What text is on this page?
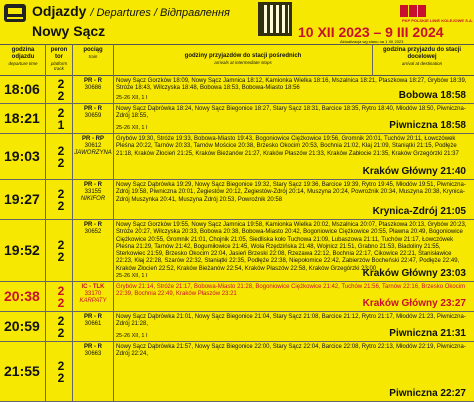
Odjazdy / Departures / Відправлення
Nowy Sącz
PKP POLSKIE LINIE KOLEJOWE S.A.
10 XII 2023 – 9 III 2024
Aktualizacja wg stanu na 1 XII 2023
godzina odjazdu
departure time
peron tor
platform track
pociąg
train	godziny przyjazdów do stacji pośrednich
arrivals at intermediate stops
godzina przyjazdu do stacji docelowej
arrival at destination
18:06	2
2
PR - R
30686
Nowy Sącz Gorzków 18:09, Nowy Sącz Jamnica 18:12, Kamionka Wielka 18:16, Mszalnica 18:21, Ptaszkowa 18:27, Grybów 18:39, Stróże 18:43, Wilczyska 18:48, Bobowa 18:53, Bobowa-Miasto 18:56
Bobowa 18:58
25-26 XII, 1 I
18:21	2
1
PR - R
30659
Nowy Sącz Dąbrówka 18:24, Nowy Sącz Biegonice 18:27, Stary Sącz 18:31, Barcice 18:35, Rytro 18:40, Młodów 18:50, Piwniczna-Zdrój 18:55,
Piwniczna 18:58
25-26 XII, 1 I
19:03	2
2
PR - RP
30612
JAWORZYNA
Grybów 19:30, Stróże 19:33, Bobowa-Miasto 19:43, Bogoniowice Ciężkowice 19:56, Gromnik 20:01, Tuchów 20:11, Łowczówek Pleśna 20:22, Tarnów 20:33, Tarnów Mościce 20:38, Brzesko Okocim 20:53, Bochnia 21:02, Kłaj 21:09, Staniątki 21:15, Podłęże 21:18, Kraków Złocień 21:25, Kraków Bieżanów 21:27, Kraków Płaszów 21:33, Kraków Zabłocie 21:35, Kraków Grzegórzki 21:37
Kraków Główny 21:40
19:27	2
2
PR - R
33155
NIKIFOR
Nowy Sącz Dąbrówka 19:29, Nowy Sącz Biegonice 19:32, Stary Sącz 19:36, Barcice 19:39, Rytro 19:45, Młodów 19:51, Piwniczna-Zdrój 19:58, Piwniczna 20:01, Żegiestów 20:12, Żegiestów-Zdrój 20:14, Muszyna 20:24, Powroźnik 20:34, Muszyna 20:38, Krynica-Zdrój Muszynka 20:41, Muszyna Zdrój 20:53, Powroźnik 20:58
Krynica-Zdrój 21:05
19:52	2
2
PR - R
30652
Nowy Sącz Gorzków 19:55, Nowy Sącz Jamnica 19:58, Kamionka Wielka 20:02, Mszalnica 20:07, Ptaszkowa 20:13, Grybów 20:23, Stróże 20:27, Wilczyska 20:33, Bobowa 20:38, Bobowa-Miasto 20:42, Bogoniowice Ciężkowice 20:55, Pławna 20:49, Bogoniowice Ciężkowice 20:55, Gromnik 21:01, Chojnik 21:05, Siedliska koło Tuchowa 21:09, Lubaszowa 21:11, Tuchów 21:17, Łowczówek Pleśna 21:29, Tarnów 21:42, Bogumiłowice 21:45, Wola Rzędzińska 21:48, Wojnicz 21:51, Grabno 21:53, Biadoliny 21:55, Sterkowiec 21:59, Brzesko Okocim 22:04, Jasień Brzeski 22:08, Rzezawa 22:12, Bochnia 22:17, Cikowice 22:21, Stanisławice 22:23, Kłaj 22:28, Szarów 22:32, Staniątki 22:35, Podłęże 22:38, Niepołomice 22:42, Zabierzów Bocheński 22:47, Podłęże 22:49, Kraków Złocień 22:52, Kraków Bieżanów 22:54, Kraków Płaszów 22:58, Kraków Grzegórzki 23:00
Kraków Główny 23:03
25-26 XII, 1 I
20:38	2
2
IC - TLK
33170
KARPATY
Grybów 21:14, Stróże 21:17, Bobowa-Miasto 21:28, Bogoniowice Ciężkowice 21:42, Tuchów 21:56, Tarnów 22:16, Brzesko Okocim 22:39, Bochnia 22:49, Kraków Płaszów 23:21
Kraków Główny 23:27
20:59	2
2
PR - R
30661
Nowy Sącz Dąbrówka 21:01, Nowy Sącz Biegonice 21:04, Stary Sącz 21:08, Barcice 21:12, Rytro 21:17, Młodów 21:23, Piwniczna-Zdrój 21:28,
Piwniczna 21:31
25-26 XII, 1 I
21:55	2
2
PR - R
30663
Nowy Sącz Dąbrówka 21:57, Nowy Sącz Biegonice 22:00, Stary Sącz 22:04, Barcice 22:08, Rytro 22:13, Młodów 22:19, Piwniczna-Zdrój 22:24,
Piwniczna 22:27
